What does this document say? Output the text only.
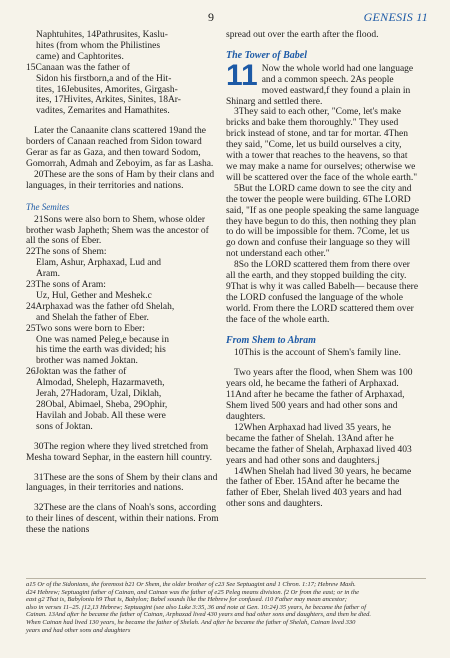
9	GENESIS 11

Naphtuhites, 14Pathrusites, Kaslu-

hites (from whom the Philistines

came) and Caphtorites.

15Canaan was the father of

Sidon his firstborn,a and of the Hit-

tites, 16Jebusites, Amorites, Girgash-

ites, 17Hivites, Arkites, Sinites, 18Ar-

vadites, Zemarites and Hamathites.

Later the Canaanite clans scattered 19and the borders of Canaan reached from Sidon toward Gerar as far as Gaza, and then toward Sodom, Gomorrah, Admah and Zeboyim, as far as Lasha.

20These are the sons of Ham by their clans and languages, in their territories and nations.

The Semites

21Sons were also born to Shem, whose older brother wasb Japheth; Shem was the ancestor of all the sons of Eber.

22The sons of Shem:

Elam, Ashur, Arphaxad, Lud and

Aram.

23The sons of Aram:

Uz, Hul, Gether and Meshek.c

24Arphaxad was the father ofd Shelah,

and Shelah the father of Eber.

25Two sons were born to Eber:

One was named Peleg,e because in

his time the earth was divided; his

brother was named Joktan.

26Joktan was the father of

Almodad, Sheleph, Hazarmaveth,

Jerah, 27Hadoram, Uzal, Diklah,

28Obal, Abimael, Sheba, 29Ophir,

Havilah and Jobab. All these were

sons of Joktan.

30The region where they lived stretched from Mesha toward Sephar, in the eastern hill country.

31These are the sons of Shem by their clans and languages, in their territories and nations.

32These are the clans of Noah's sons, according to their lines of descent, within their nations. From these the nations

spread out over the earth after the flood.

The Tower of Babel
11 Now the whole world had one language and a common speech. 2As people moved eastward,f they found a plain in Shinarg and settled there.

3They said to each other, "Come, let's make bricks and bake them thoroughly." They used brick instead of stone, and tar for mortar. 4Then they said, "Come, let us build ourselves a city, with a tower that reaches to the heavens, so that we may make a name for ourselves; otherwise we will be scattered over the face of the whole earth."

5But the LORD came down to see the city and the tower the people were building. 6The LORD said, "If as one people speaking the same language they have begun to do this, then nothing they plan to do will be impossible for them. 7Come, let us go down and confuse their language so they will not understand each other."

8So the LORD scattered them from there over all the earth, and they stopped building the city. 9That is why it was called Babelh— because there the LORD confused the language of the whole world. From there the LORD scattered them over the face of the whole earth.

From Shem to Abram

10This is the account of Shem's family line.

Two years after the flood, when Shem was 100 years old, he became the fatheri of Arphaxad. 11And after he became the father of Arphaxad, Shem lived 500 years and had other sons and daughters.

12When Arphaxad had lived 35 years, he became the father of Shelah. 13And after he became the father of Shelah, Arphaxad lived 403 years and had other sons and daughters.j

14When Shelah had lived 30 years, he became the father of Eber. 15And after he became the father of Eber, Shelah lived 403 years and had other sons and daughters.

a15 Or of the Sidonians, the foremost b21 Or Shem, the older brother of c23 See Septuagint and 1 Chron. 1:17; Hebrew Mash.
d24 Hebrew; Septuagint father of Cainan, and Cainan was the father of e25 Peleg means division. f2 Or from the east; or in the
east g2 That is, Babylonia h9 That is, Babylon; Babel sounds like the Hebrew for confused. i10 Father may mean ancestor;
also in verses 11–25. j12,13 Hebrew; Septuagint (see also Luke 3:35, 36 and note at Gen. 10:24) 35 years, he became the father of
Cainan. 13And after he became the father of Cainan, Arphaxad lived 430 years and had other sons and daughters, and then he died.
When Cainan had lived 130 years, he became the father of Shelah. And after he became the father of Shelah, Cainan lived 330
years and had other sons and daughters
